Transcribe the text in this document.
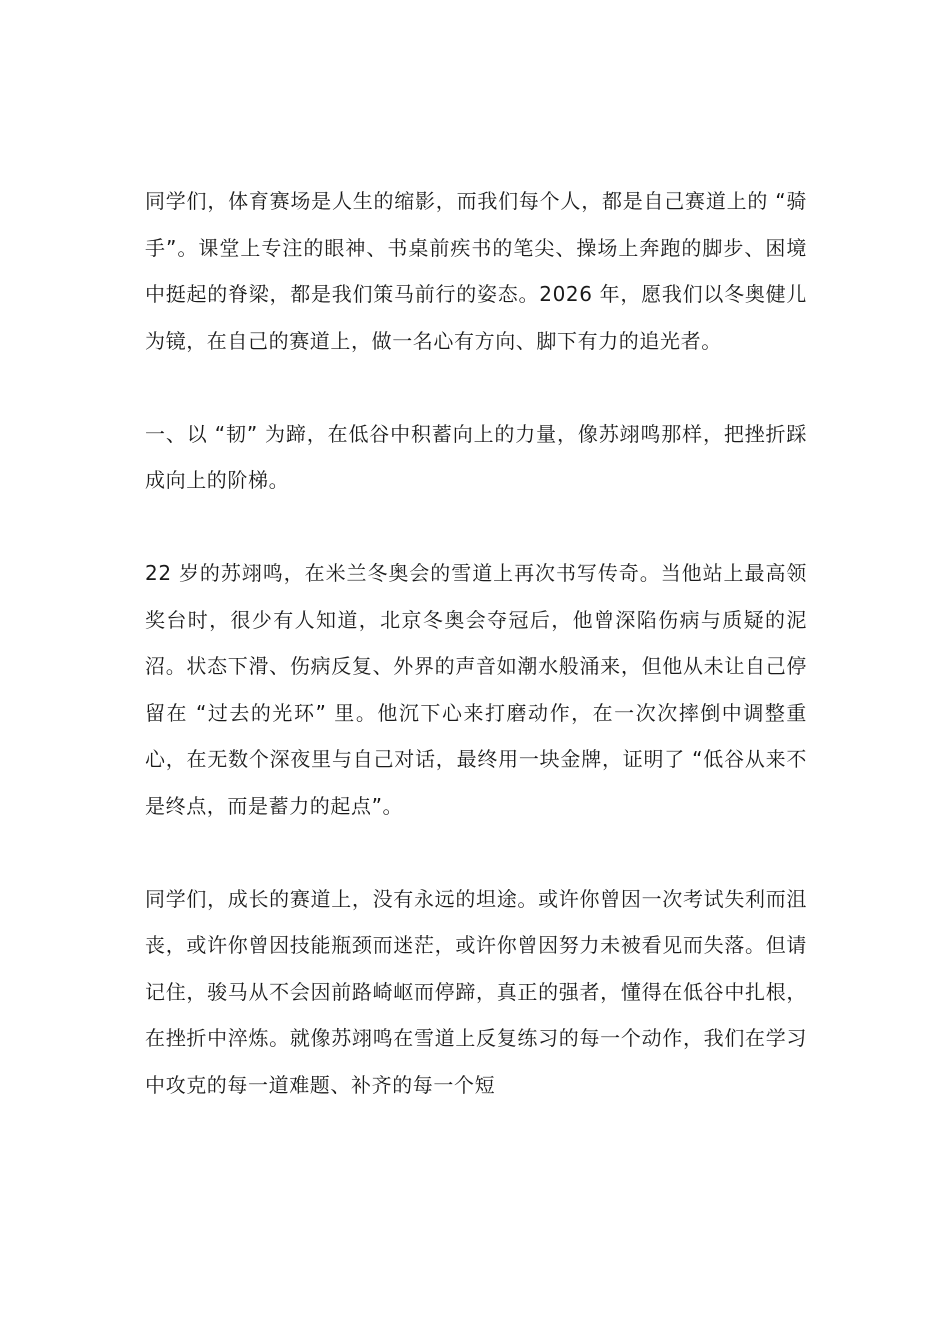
同学们，体育赛场是人生的缩影，而我们每个人，都是自己赛道上的 “骑手”。课堂上专注的眼神、书桌前疾书的笔尖、操场上奔跑的脚步、困境中挺起的脊梁，都是我们策马前行的姿态。2026 年，愿我们以冬奥健儿为镜，在自己的赛道上，做一名心有方向、脚下有力的追光者。

一、以 “韧” 为蹄，在低谷中积蓄向上的力量，像苏翊鸣那样，把挫折踩成向上的阶梯。

22 岁的苏翊鸣，在米兰冬奥会的雪道上再次书写传奇。当他站上最高领奖台时，很少有人知道，北京冬奥会夺冠后，他曾深陷伤病与质疑的泥沼。状态下滑、伤病反复、外界的声音如潮水般涌来，但他从未让自己停留在 “过去的光环” 里。他沉下心来打磨动作，在一次次摔倒中调整重心，在无数个深夜里与自己对话，最终用一块金牌，证明了 “低谷从来不是终点，而是蓄力的起点”。

同学们，成长的赛道上，没有永远的坦途。或许你曾因一次考试失利而沮丧，或许你曾因技能瓶颈而迷茫，或许你曾因努力未被看见而失落。但请记住，骏马从不会因前路崎岖而停蹄，真正的强者，懂得在低谷中扎根，在挫折中淬炼。就像苏翊鸣在雪道上反复练习的每一个动作，我们在学习中攻克的每一道难题、补齐的每一个短
